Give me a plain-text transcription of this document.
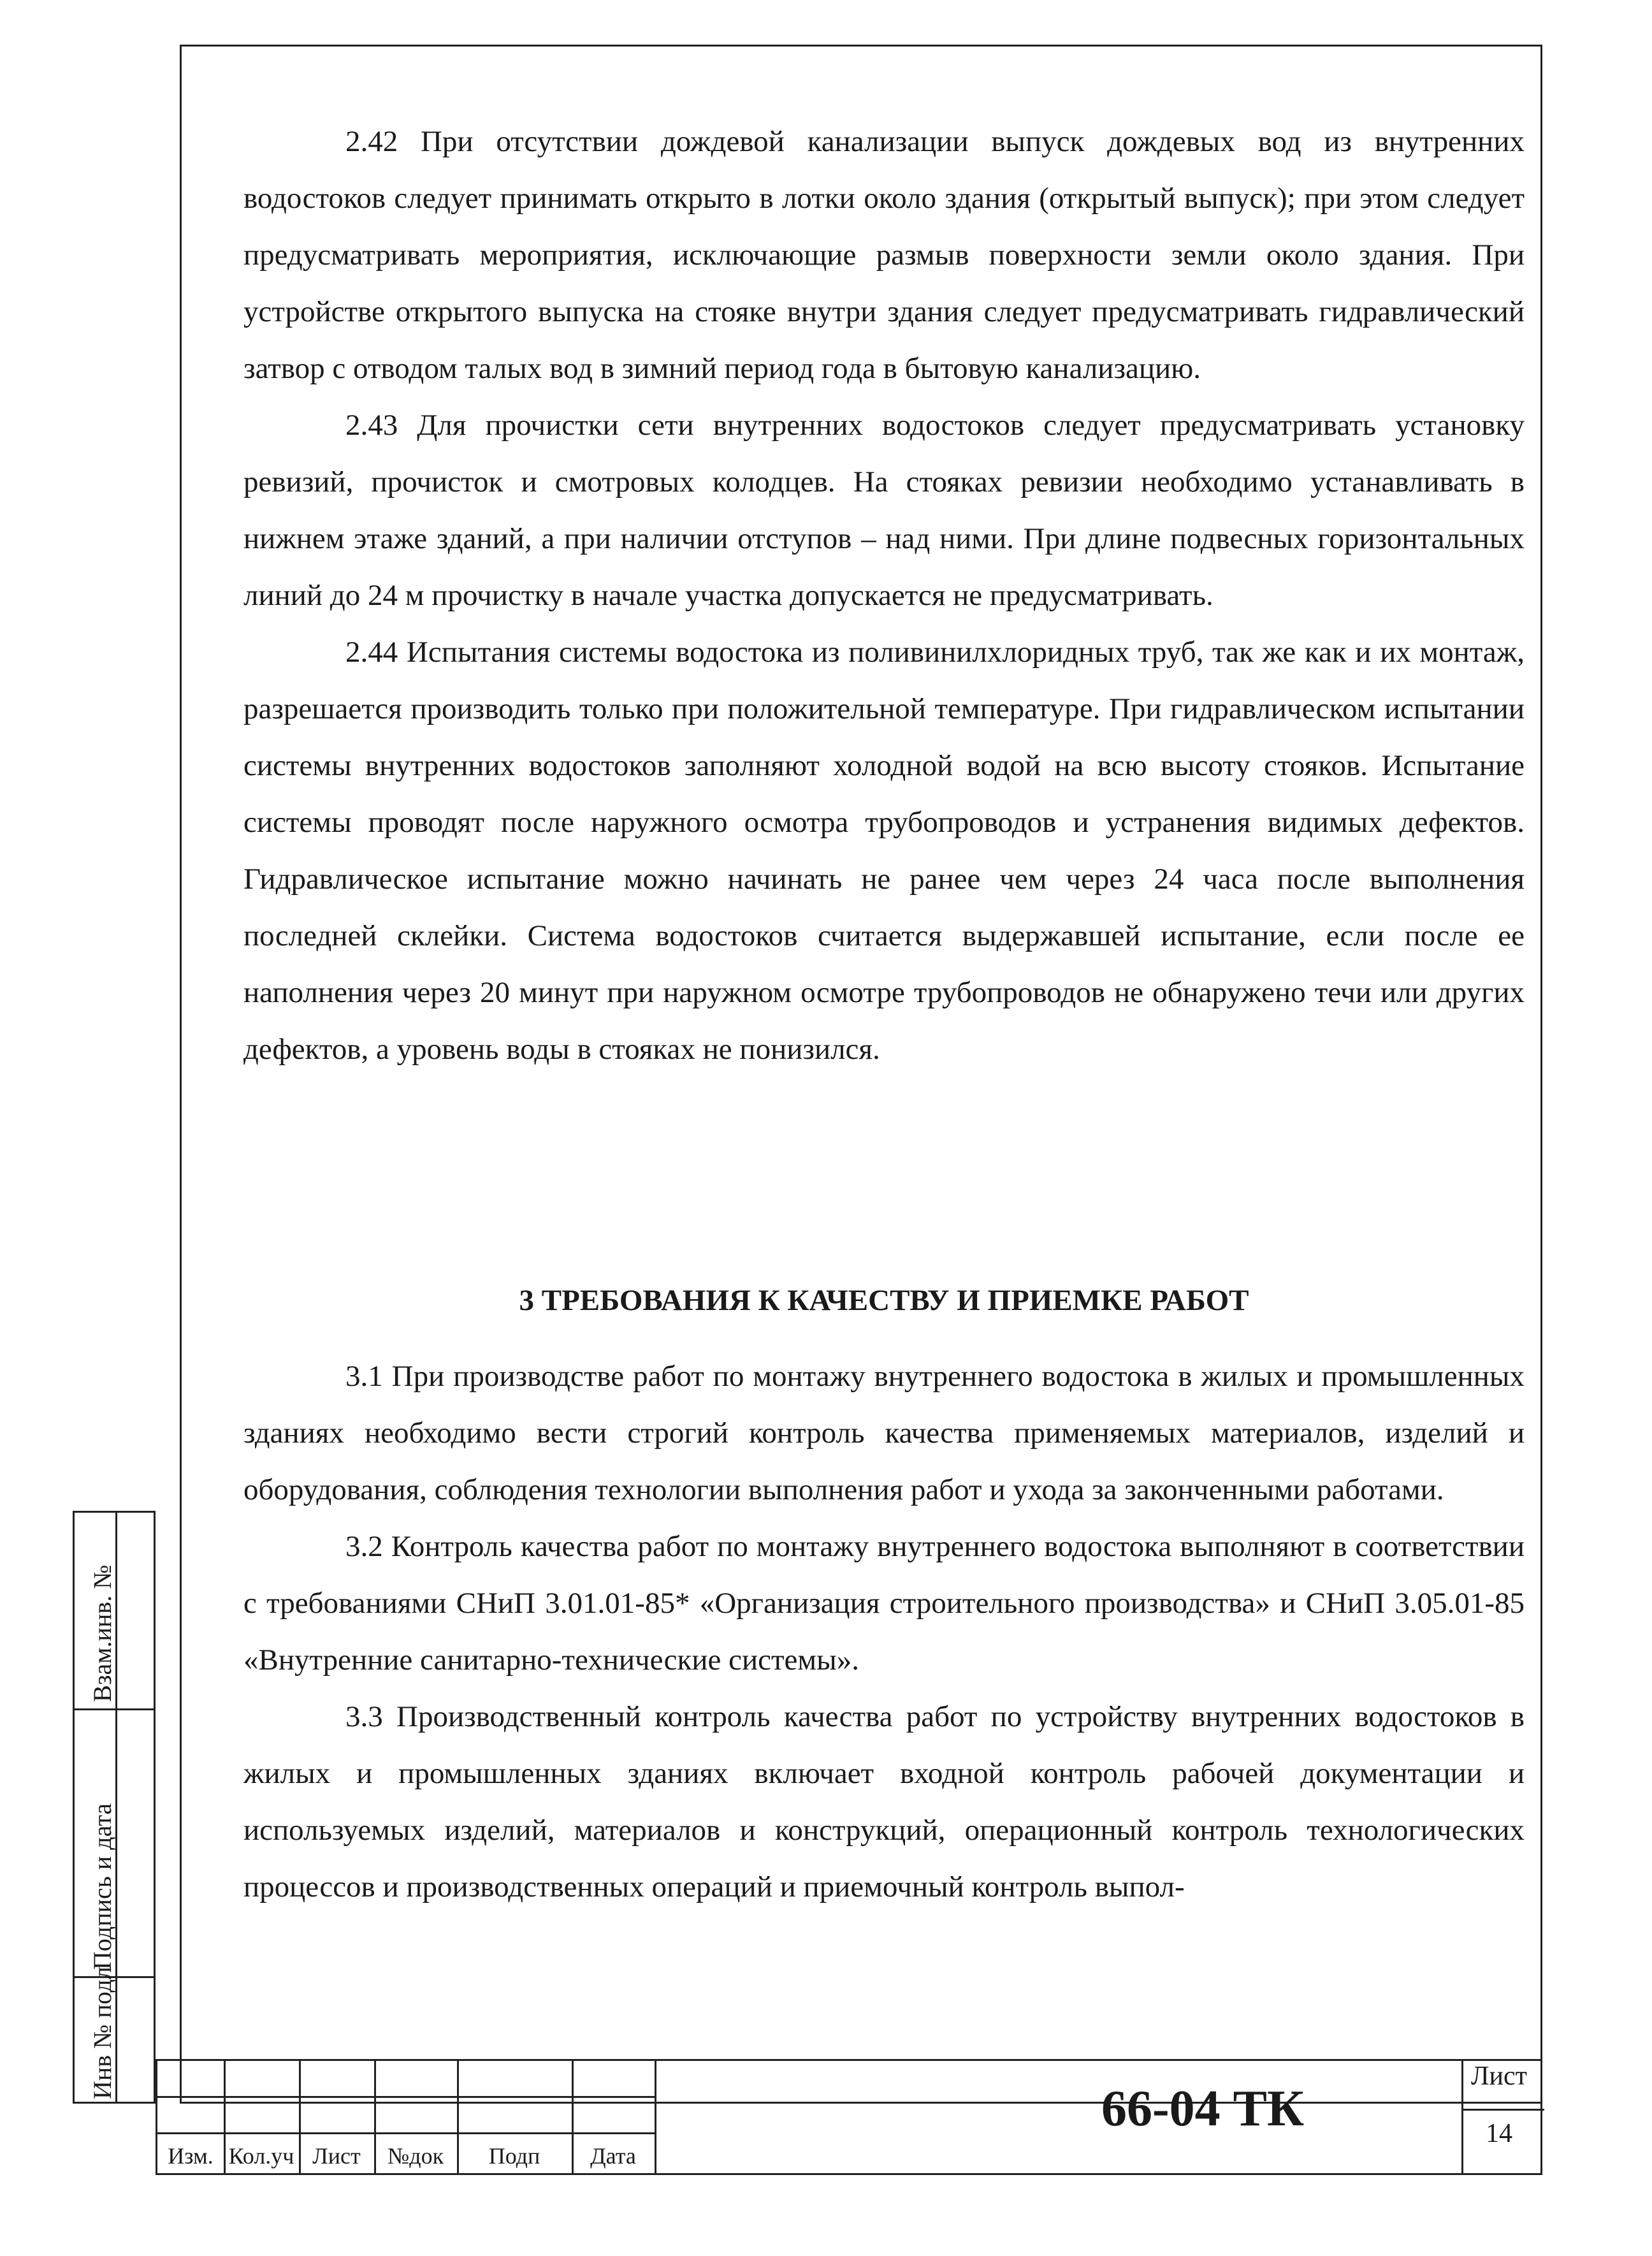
2.42 При отсутствии дождевой канализации выпуск дождевых вод из внутренних водостоков следует принимать открыто в лотки около здания (открытый выпуск); при этом следует предусматривать мероприятия, исключающие размыв поверхности земли около здания. При устройстве открытого выпуска на стояке внутри здания следует предусматривать гидравлический затвор с отводом талых вод в зимний период года в бытовую канализацию.

2.43 Для прочистки сети внутренних водостоков следует предусматривать установку ревизий, прочисток и смотровых колодцев. На стояках ревизии необходимо устанавливать в нижнем этаже зданий, а при наличии отступов – над ними. При длине подвесных горизонтальных линий до 24 м прочистку в начале участка допускается не предусматривать.

2.44 Испытания системы водостока из поливинилхлоридных труб, так же как и их монтаж, разрешается производить только при положительной температуре. При гидравлическом испытании системы внутренних водостоков заполняют холодной водой на всю высоту стояков. Испытание системы проводят после наружного осмотра трубопроводов и устранения видимых дефектов. Гидравлическое испытание можно начинать не ранее чем через 24 часа после выполнения последней склейки. Система водостоков считается выдержавшей испытание, если после ее наполнения через 20 минут при наружном осмотре трубопроводов не обнаружено течи или других дефектов, а уровень воды в стояках не понизился.

3 ТРЕБОВАНИЯ К КАЧЕСТВУ И ПРИЕМКЕ РАБОТ

3.1 При производстве работ по монтажу внутреннего водостока в жилых и промышленных зданиях необходимо вести строгий контроль качества применяемых материалов, изделий и оборудования, соблюдения технологии выполнения работ и ухода за законченными работами.

3.2 Контроль качества работ по монтажу внутреннего водостока выполняют в соответствии с требованиями СНиП 3.01.01-85* «Организация строительного производства» и СНиП 3.05.01-85 «Внутренние санитарно-технические системы».

3.3 Производственный контроль качества работ по устройству внутренних водостоков в жилых и промышленных зданиях включает входной контроль рабочей документации и используемых изделий, материалов и конструкций, операционный контроль технологических процессов и производственных операций и приемочный контроль выпол-

Взам.инв. №
Подпись и дата
Инв № подл
Изм. Кол.уч Лист	№док	Подп	Дата
66-04 ТК
Лист
14
